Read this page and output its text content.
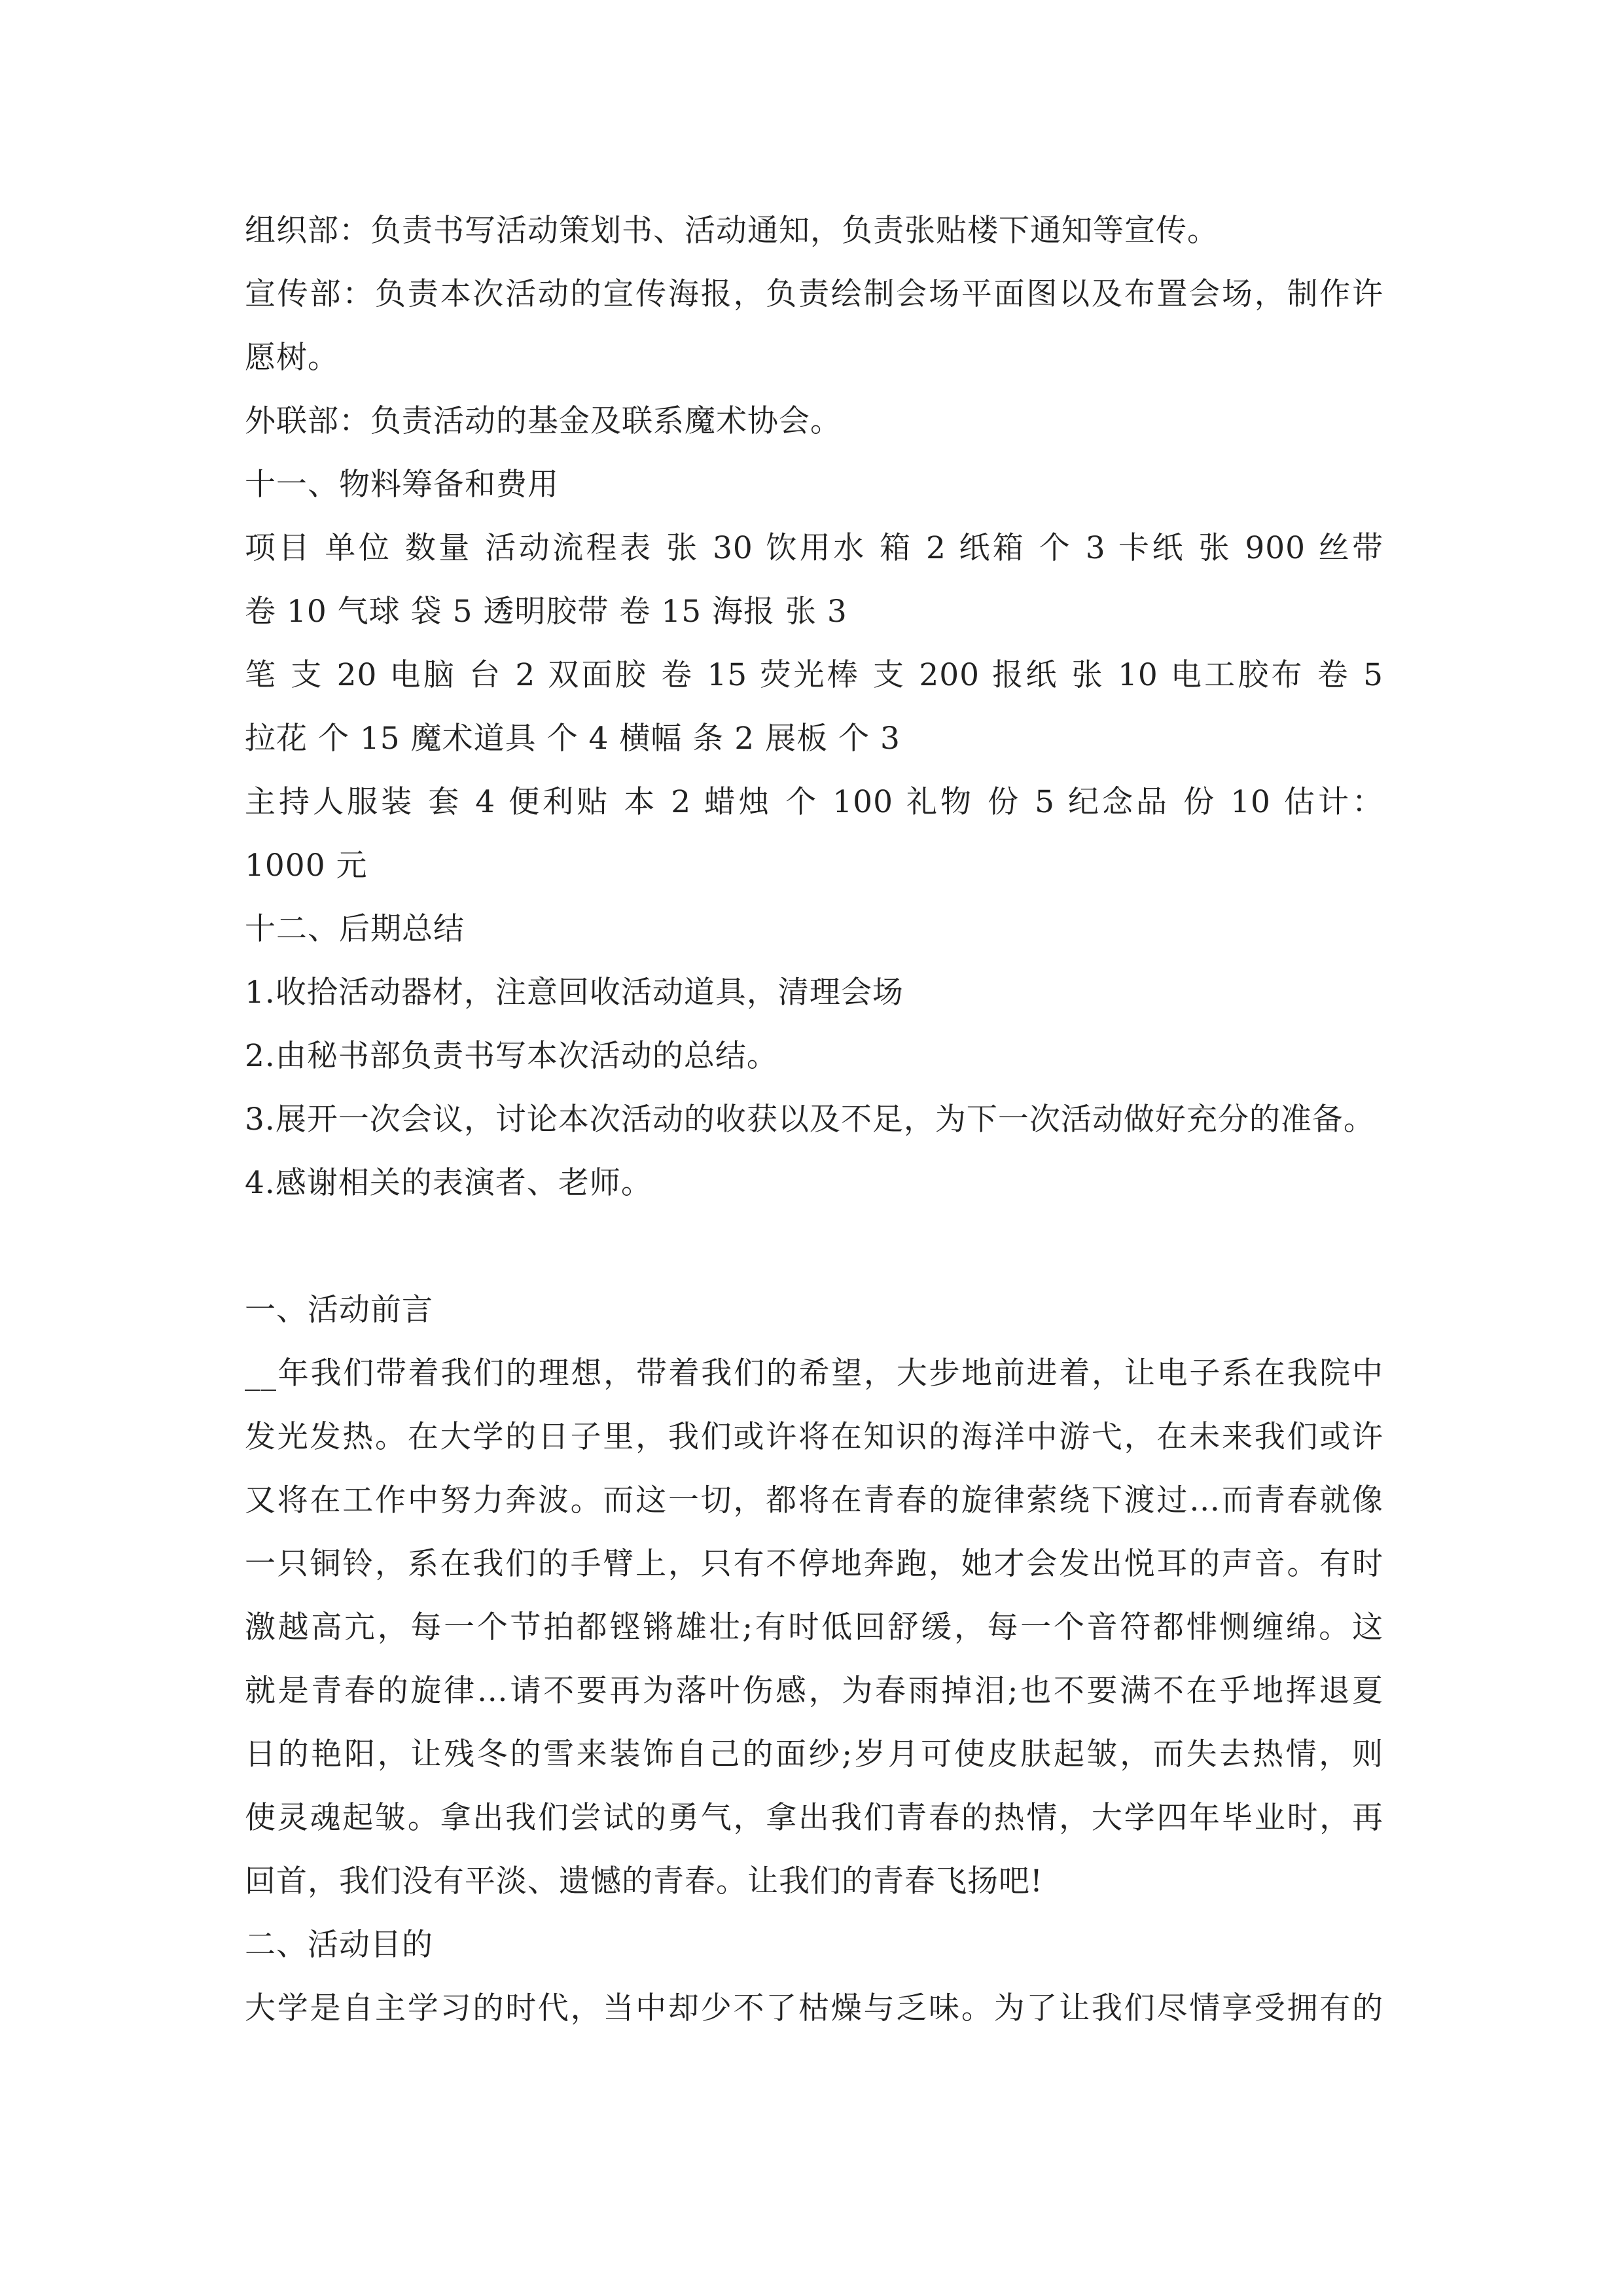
组织部：负责书写活动策划书、活动通知，负责张贴楼下通知等宣传。
宣传部：负责本次活动的宣传海报，负责绘制会场平面图以及布置会场，制作许
愿树。
外联部：负责活动的基金及联系魔术协会。
十一、物料筹备和费用
项目 单位 数量 活动流程表 张 30 饮用水 箱 2 纸箱 个 3 卡纸 张 900 丝带
卷 10 气球 袋 5 透明胶带 卷 15 海报 张 3
笔 支 20 电脑 台 2 双面胶 卷 15 荧光棒 支 200 报纸 张 10 电工胶布 卷 5
拉花 个 15 魔术道具 个 4 横幅 条 2 展板 个 3
主持人服装 套 4 便利贴 本 2 蜡烛 个 100 礼物 份 5 纪念品 份 10 估计：
1000 元
十二、后期总结
1.收拾活动器材，注意回收活动道具，清理会场
2.由秘书部负责书写本次活动的总结。
3.展开一次会议，讨论本次活动的收获以及不足，为下一次活动做好充分的准备。
4.感谢相关的表演者、老师。
一、活动前言
__年我们带着我们的理想，带着我们的希望，大步地前进着，让电子系在我院中
发光发热。在大学的日子里，我们或许将在知识的海洋中游弋，在未来我们或许
又将在工作中努力奔波。而这一切，都将在青春的旋律萦绕下渡过…而青春就像
一只铜铃，系在我们的手臂上，只有不停地奔跑，她才会发出悦耳的声音。有时
激越高亢，每一个节拍都铿锵雄壮;有时低回舒缓，每一个音符都悱恻缠绵。这
就是青春的旋律…请不要再为落叶伤感，为春雨掉泪;也不要满不在乎地挥退夏
日的艳阳，让残冬的雪来装饰自己的面纱;岁月可使皮肤起皱，而失去热情，则
使灵魂起皱。拿出我们尝试的勇气，拿出我们青春的热情，大学四年毕业时，再
回首，我们没有平淡、遗憾的青春。让我们的青春飞扬吧!
二、活动目的
大学是自主学习的时代，当中却少不了枯燥与乏味。为了让我们尽情享受拥有的
